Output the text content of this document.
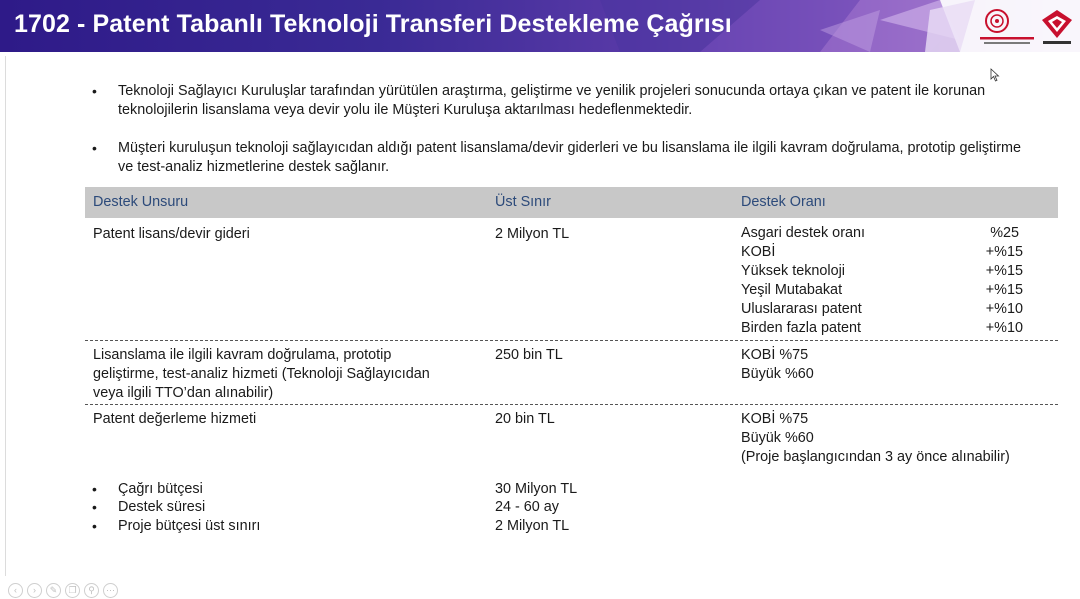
1702 - Patent Tabanlı Teknoloji Transferi Destekleme Çağrısı
• Teknoloji Sağlayıcı Kuruluşlar tarafından yürütülen araştırma, geliştirme ve yenilik projeleri sonucunda ortaya çıkan ve patent ile korunan teknolojilerin lisanslama veya devir yolu ile Müşteri Kuruluşa aktarılması hedeflenmektedir.
• Müşteri kuruluşun teknoloji sağlayıcıdan aldığı patent lisanslama/devir giderleri ve bu lisanslama ile ilgili kavram doğrulama, prototip geliştirme ve test-analiz hizmetlerine destek sağlanır.
Destek Unsuru	Üst Sınır	Destek Oranı
Patent lisans/devir gideri	2 Milyon TL	Asgari destek oranı	%25
KOBİ	+%15
Yüksek teknoloji	+%15
Yeşil Mutabakat	+%15
Uluslararası patent	+%10
Birden fazla patent	+%10
Lisanslama ile ilgili kavram doğrulama, prototip
geliştirme, test-analiz hizmeti (Teknoloji Sağlayıcıdan
veya ilgili TTO’dan alınabilir)
250 bin TL	KOBİ %75
Büyük %60
Patent değerleme hizmeti	20 bin TL	KOBİ %75
Büyük %60
(Proje başlangıcından 3 ay önce alınabilir)
• Çağrı bütçesi	30 Milyon TL
• Destek süresi	24 - 60 ay
• Proje bütçesi üst sınırı	2 Milyon TL
‹	›	✎	❐	⚲	⋯
